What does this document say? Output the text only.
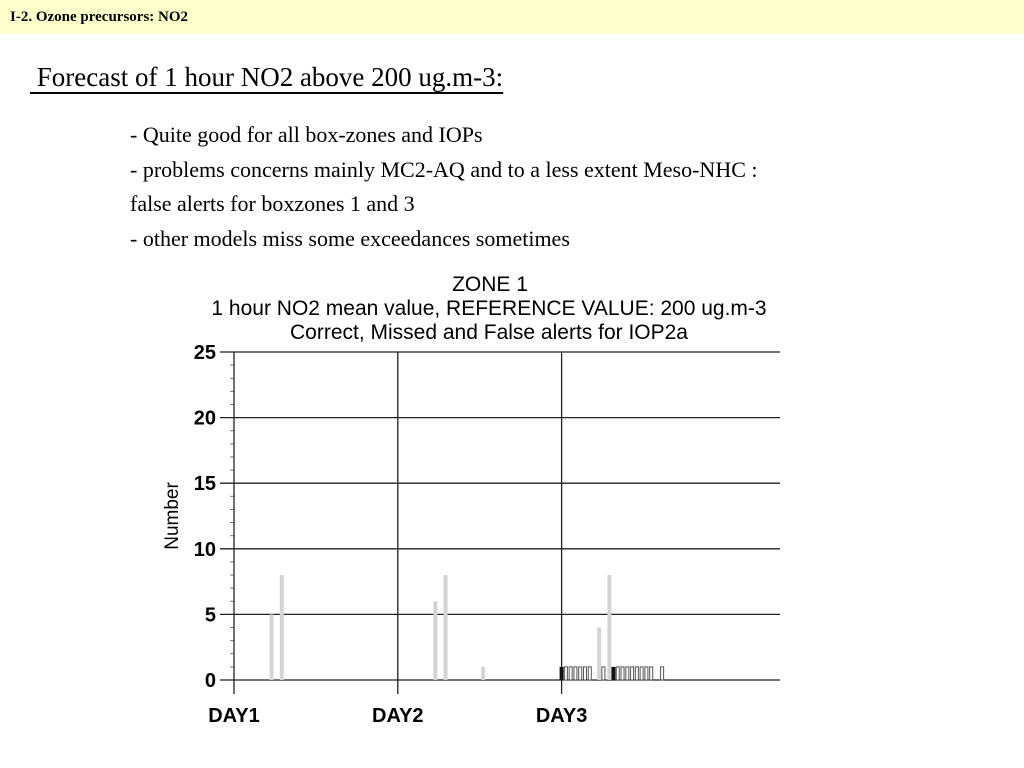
I-2. Ozone precursors: NO2
Forecast of 1 hour NO2 above 200 ug.m-3:
- Quite good for all box-zones and IOPs
- problems concerns mainly MC2-AQ and to a less extent Meso-NHC :
false alerts for boxzones 1 and 3
- other models miss some exceedances sometimes
ZONE 1
1 hour NO2 mean value, REFERENCE VALUE: 200 ug.m-3
Correct, Missed and False alerts for IOP2a
Number
0
5
10
15
20
25
DAY1	DAY2	DAY3
